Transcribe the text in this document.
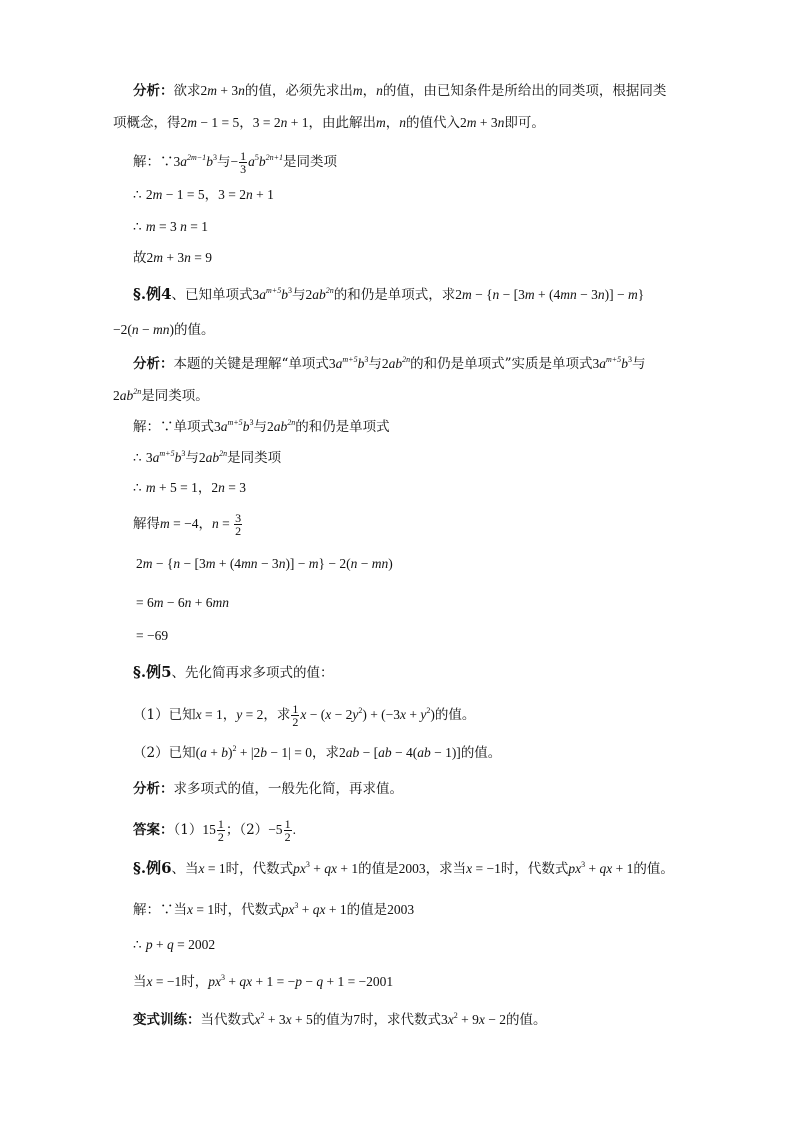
分析：欲求2m + 3n的值，必须先求出m，n的值，由已知条件是所给出的同类项，根据同类
项概念，得2m − 1 = 5，3 = 2n + 1，由此解出m，n的值代入2m + 3n即可。
解：$\because 3a^{2m-1}b^3$与− $\frac{1}{3} a^5b^{2n+1}$是同类项
∴ 2m − 1 = 5，3 = 2n + 1
∴ m = 3 n = 1
故2m + 3n = 9
§.例4、已知单项式$3a^{m+5}b^3$与$2ab^{2n}$的和仍是单项式，求2m − {n − [3m + (4mn − 3n)] − m}
−2(n − mn)的值。
分析：本题的关键是理解“单项式$3a^{m+5}b^3$与$2ab^{2n}$的和仍是单项式”实质是单项式$3a^{m+5}b^3$与
$2ab^{2n}$是同类项。
解：∵单项式$3a^{m+5}b^3$与$2ab^{2n}$的和仍是单项式
∴ $3a^{m+5}b^3$与$2ab^{2n}$是同类项
∴ m + 5 = 1，2n = 3
解得m = −4，$n = \frac{3}{2}$
2m − {n − [3m + (4mn − 3n)] − m} − 2(n − mn)
= 6m − 6n + 6mn
= −69
§.例5、先化简再求多项式的值：
（1）已知x = 1，y = 2，求 $\frac{1}{2}$ $x - (x - 2y^2) + (-3x + y^2)$的值。
（2）已知$(a + b)^2 + |2b - 1| = 0$，求2ab − [ab − 4(ab − 1)]的值。
分析：求多项式的值，一般先化简，再求值。
答案：$(1)15 \frac{1}{2}$ ；$(2)-5 \frac{1}{2}$ .
§.例6、当x = 1时，代数式$px^3$ + qx + 1的值是2003，求当x = −1时，代数式$px^3$ + qx + 1的值。
解：∵当x = 1时，代数式$px^3$ + qx + 1的值是2003
∴ p + q = 2002
当x = −1时，$px^3$ + qx + 1 = −p − q + 1 = −2001
变式训练：当代数式$x^2 + 3x + 5$的值为7时，求代数式$3x^2 + 9x - 2$的值。
